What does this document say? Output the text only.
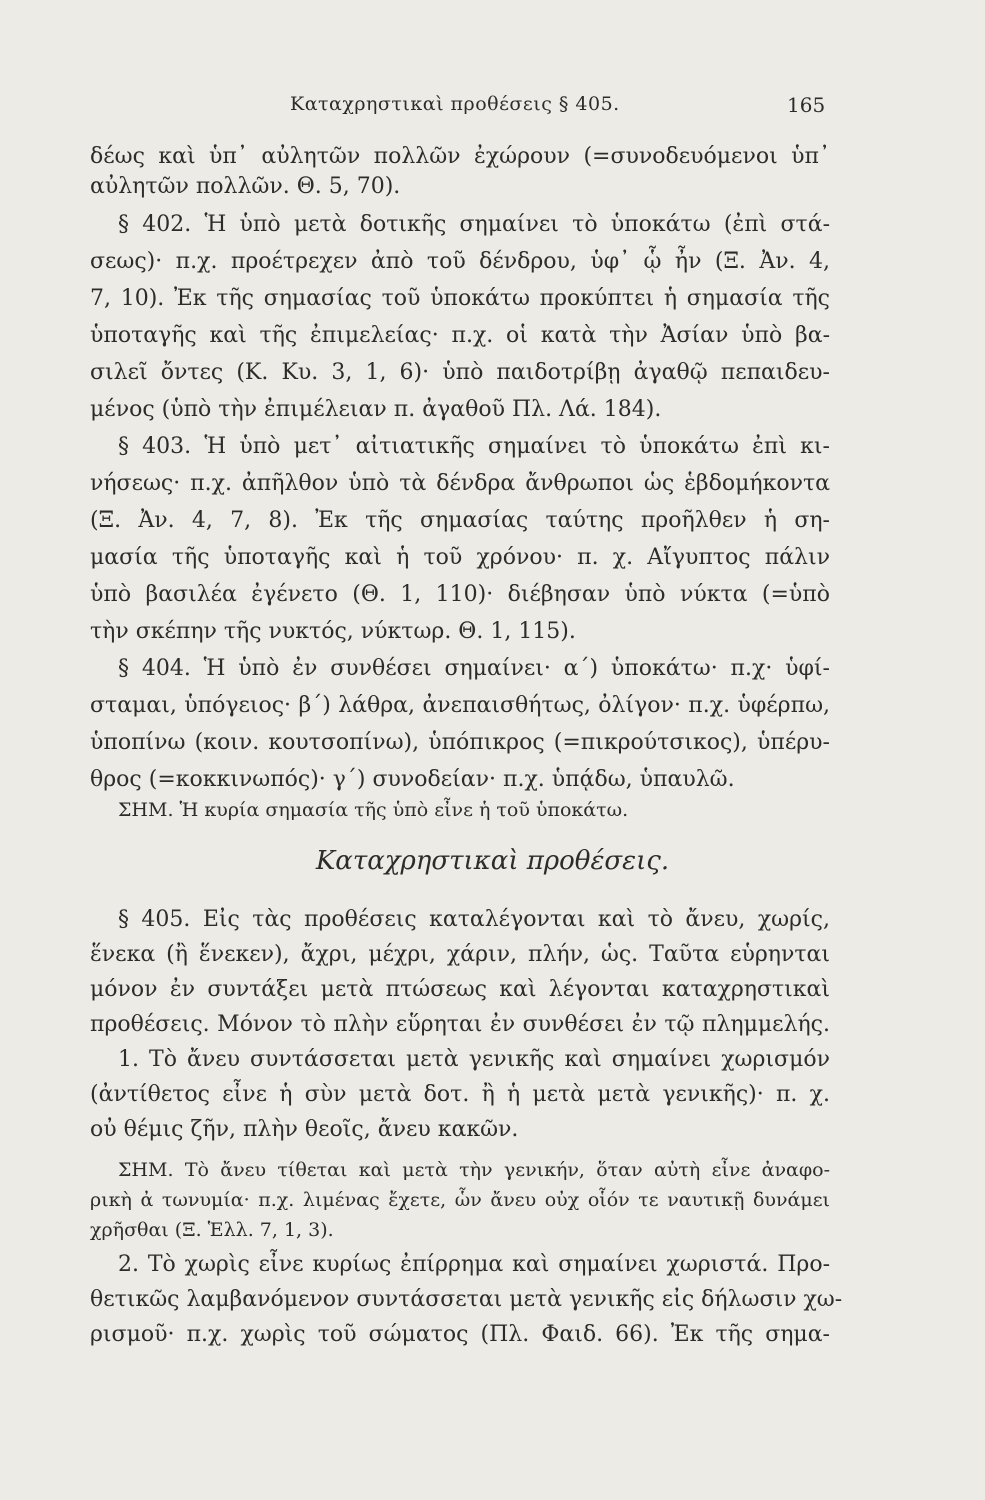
Καταχρηστικαὶ προθέσεις § 405.	165
δέως καὶ ὑπ᾽ αὐλητῶν πολλῶν ἐχώρουν (=συνοδευόμενοι ὑπ᾽
αὐλητῶν πολλῶν. Θ. 5, 70).
§ 402. Ἡ ὑπὸ μετὰ δοτικῆς σημαίνει τὸ ὑποκάτω (ἐπὶ στά-
σεως)· π.χ. προέτρεχεν ἀπὸ τοῦ δένδρου, ὑφ᾽ ᾧ ἦν (Ξ. Ἀν. 4,
7, 10). Ἐκ τῆς σημασίας τοῦ ὑποκάτω προκύπτει ἡ σημασία τῆς
ὑποταγῆς καὶ τῆς ἐπιμελείας· π.χ. οἱ κατὰ τὴν Ἀσίαν ὑπὸ βα-
σιλεῖ ὄντες (Κ. Κυ. 3, 1, 6)· ὑπὸ παιδοτρίβῃ ἀγαθῷ πεπαιδευ-
μένος (ὑπὸ τὴν ἐπιμέλειαν π. ἀγαθοῦ Πλ. Λά. 184).
§ 403. Ἡ ὑπὸ μετ᾽ αἰτιατικῆς σημαίνει τὸ ὑποκάτω ἐπὶ κι-
νήσεως· π.χ. ἀπῆλθον ὑπὸ τὰ δένδρα ἄνθρωποι ὡς ἑβδομήκοντα
(Ξ. Ἀν. 4, 7, 8). Ἐκ τῆς σημασίας ταύτης προῆλθεν ἡ ση-
μασία τῆς ὑποταγῆς καὶ ἡ τοῦ χρόνου· π. χ. Αἴγυπτος πάλιν
ὑπὸ βασιλέα ἐγένετο (Θ. 1, 110)· διέβησαν ὑπὸ νύκτα (=ὑπὸ
τὴν σκέπην τῆς νυκτός, νύκτωρ. Θ. 1, 115).
§ 404. Ἡ ὑπὸ ἐν συνθέσει σημαίνει· α΄) ὑποκάτω· π.χ· ὑφί-
σταμαι, ὑπόγειος· β΄) λάθρα, ἀνεπαισθήτως, ὀλίγον· π.χ. ὑφέρπω,
ὑποπίνω (κοιν. κουτσοπίνω), ὑπόπικρος (=πικρούτσικος), ὑπέρυ-
θρος (=κοκκινωπός)· γ΄) συνοδείαν· π.χ. ὑπᾴδω, ὑπαυλῶ.
ΣΗΜ. Ἡ κυρία σημασία τῆς ὑπὸ εἶνε ἡ τοῦ ὑποκάτω.
Καταχρηστικαὶ προθέσεις.
§ 405. Εἰς τὰς προθέσεις καταλέγονται καὶ τὸ ἄνευ, χωρίς,
ἕνεκα (ἢ ἕνεκεν), ἄχρι, μέχρι, χάριν, πλήν, ὡς. Ταῦτα εὑρηνται
μόνον ἐν συντάξει μετὰ πτώσεως καὶ λέγονται καταχρηστικαὶ
προθέσεις. Μόνον τὸ πλὴν εὕρηται ἐν συνθέσει ἐν τῷ πλημμελής.
1. Τὸ ἄνευ συντάσσεται μετὰ γενικῆς καὶ σημαίνει χωρισμόν
(ἀντίθετος εἶνε ἡ σὺν μετὰ δοτ. ἢ ἡ μετὰ μετὰ γενικῆς)· π. χ.
οὐ θέμις ζῆν, πλὴν θεοῖς, ἄνευ κακῶν.
ΣΗΜ. Τὸ ἄνευ τίθεται καὶ μετὰ τὴν γενικήν, ὅταν αὐτὴ εἶνε ἀναφο-
ρικὴ ἀ τωνυμία· π.χ. λιμένας ἔχετε, ὧν ἄνευ οὐχ οἷόν τε ναυτικῇ δυνάμει
χρῆσθαι (Ξ. Ἑλλ. 7, 1, 3).
2. Τὸ χωρὶς εἶνε κυρίως ἐπίρρημα καὶ σημαίνει χωριστά. Προ-
θετικῶς λαμβανόμενον συντάσσεται μετὰ γενικῆς εἰς δήλωσιν χω-
ρισμοῦ· π.χ. χωρὶς τοῦ σώματος (Πλ. Φαιδ. 66). Ἐκ τῆς σημα-
